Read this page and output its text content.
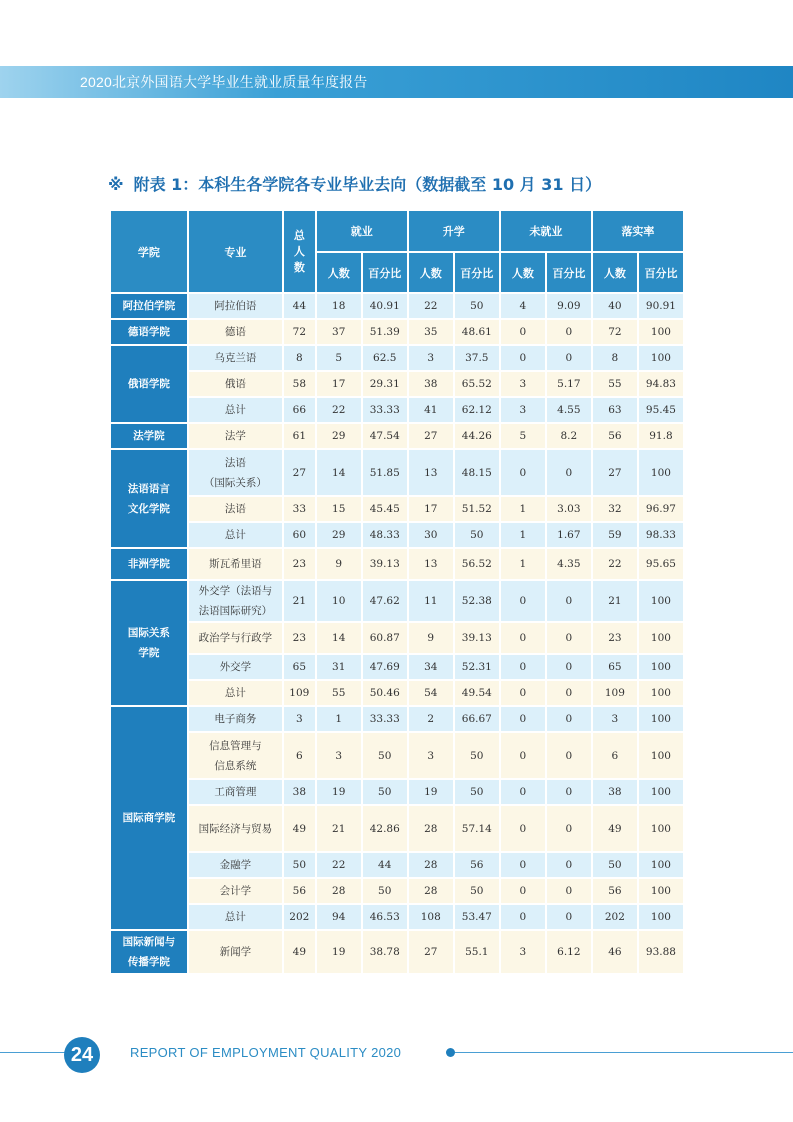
2020北京外国语大学毕业生就业质量年度报告
※ 附表 1：本科生各学院各专业毕业去向（数据截至 10 月 31 日）
学院	专业	总
人
数	就业		升学		未就业		落实率	
			人数	百分比	人数	百分比	人数	百分比	人数	百分比
阿拉伯学院	阿拉伯语	44	18	40.91	22	50	4	9.09	40	90.91
德语学院	德语	72	37	51.39	35	48.61	0	0	72	100
俄语学院	乌克兰语	8	5	62.5	3	37.5	0	0	8	100
	俄语	58	17	29.31	38	65.52	3	5.17	55	94.83
	总计	66	22	33.33	41	62.12	3	4.55	63	95.45
法学院	法学	61	29	47.54	27	44.26	5	8.2	56	91.8
法语语言
文化学院	法语
（国际关系）	27	14	51.85	13	48.15	0	0	27	100
	法语	33	15	45.45	17	51.52	1	3.03	32	96.97
	总计	60	29	48.33	30	50	1	1.67	59	98.33
非洲学院	斯瓦希里语	23	9	39.13	13	56.52	1	4.35	22	95.65
国际关系
学院	外交学（法语与
法语国际研究）	21	10	47.62	11	52.38	0	0	21	100
	政治学与行政学	23	14	60.87	9	39.13	0	0	23	100
	外交学	65	31	47.69	34	52.31	0	0	65	100
	总计	109	55	50.46	54	49.54	0	0	109	100
国际商学院	电子商务	3	1	33.33	2	66.67	0	0	3	100
	信息管理与
信息系统	6	3	50	3	50	0	0	6	100
	工商管理	38	19	50	19	50	0	0	38	100
	国际经济与贸易	49	21	42.86	28	57.14	0	0	49	100
	金融学	50	22	44	28	56	0	0	50	100
	会计学	56	28	50	28	50	0	0	56	100
	总计	202	94	46.53	108	53.47	0	0	202	100
国际新闻与
传播学院	新闻学	49	19	38.78	27	55.1	3	6.12	46	93.88
24	REPORT OF EMPLOYMENT QUALITY 2020
